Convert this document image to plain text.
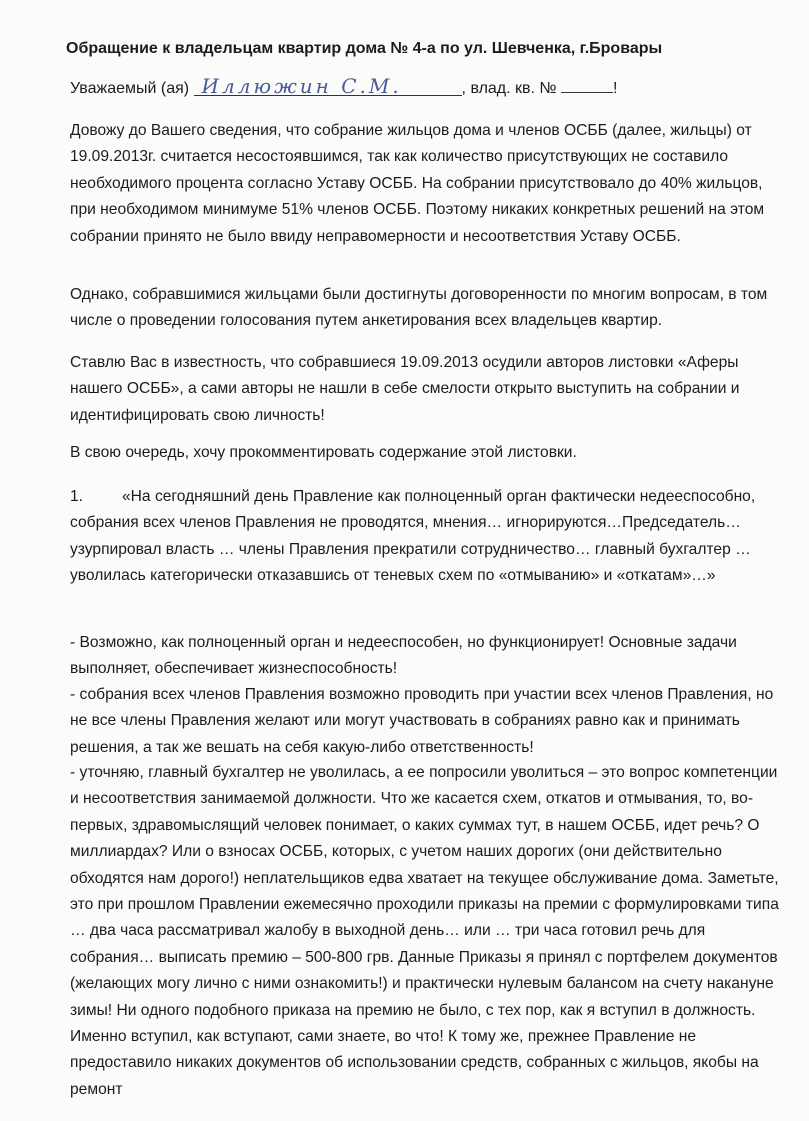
Обращение к владельцам квартир дома № 4-а по ул. Шевченка, г.Бровары
Уважаемый (ая) Иллюжин С.М.	, влад. кв. №	!
Довожу до Вашего сведения, что собрание жильцов дома и членов ОСББ (далее, жильцы) от 19.09.2013г. считается несостоявшимся, так как количество присутствующих не составило необходимого процента согласно Уставу ОСББ. На собрании присутствовало до 40% жильцов, при необходимом минимуме 51% членов ОСББ. Поэтому никаких конкретных решений на этом собрании принято не было ввиду неправомерности и несоответствия Уставу ОСББ.
Однако, собравшимися жильцами были достигнуты договоренности по многим вопросам, в том числе о проведении голосования путем анкетирования всех владельцев квартир.
Ставлю Вас в известность, что собравшиеся 19.09.2013 осудили авторов листовки «Аферы нашего ОСББ», а сами авторы не нашли в себе смелости открыто выступить на собрании и идентифицировать свою личность!
В свою очередь, хочу прокомментировать содержание этой листовки.
1. «На сегодняшний день Правление как полноценный орган фактически недееспособно, собрания всех членов Правления не проводятся, мнения… игнорируются…Председатель… узурпировал власть … члены Правления прекратили сотрудничество… главный бухгалтер …уволилась категорически отказавшись от теневых схем по «отмыванию» и «откатам»…»
- Возможно, как полноценный орган и недееспособен, но функционирует! Основные задачи выполняет, обеспечивает жизнеспособность!
- собрания всех членов Правления возможно проводить при участии всех членов Правления, но не все члены Правления желают или могут участвовать в собраниях равно как и принимать решения, а так же вешать на себя какую-либо ответственность!
- уточняю, главный бухгалтер не уволилась, а ее попросили уволиться – это вопрос компетенции и несоответствия занимаемой должности. Что же касается схем, откатов и отмывания, то, во-первых, здравомыслящий человек понимает, о каких суммах тут, в нашем ОСББ, идет речь? О миллиардах? Или о взносах ОСББ, которых, с учетом наших дорогих (они действительно обходятся нам дорого!) неплательщиков едва хватает на текущее обслуживание дома. Заметьте, это при прошлом Правлении ежемесячно проходили приказы на премии с формулировками типа … два часа рассматривал жалобу в выходной день… или … три часа готовил речь для собрания… выписать премию – 500-800 грв. Данные Приказы я принял с портфелем документов (желающих могу лично с ними ознакомить!) и практически нулевым балансом на счету накануне зимы! Ни одного подобного приказа на премию не было, с тех пор, как я вступил в должность. Именно вступил, как вступают, сами знаете, во что! К тому же, прежнее Правление не предоставило никаких документов об использовании средств, собранных с жильцов, якобы на ремонт
